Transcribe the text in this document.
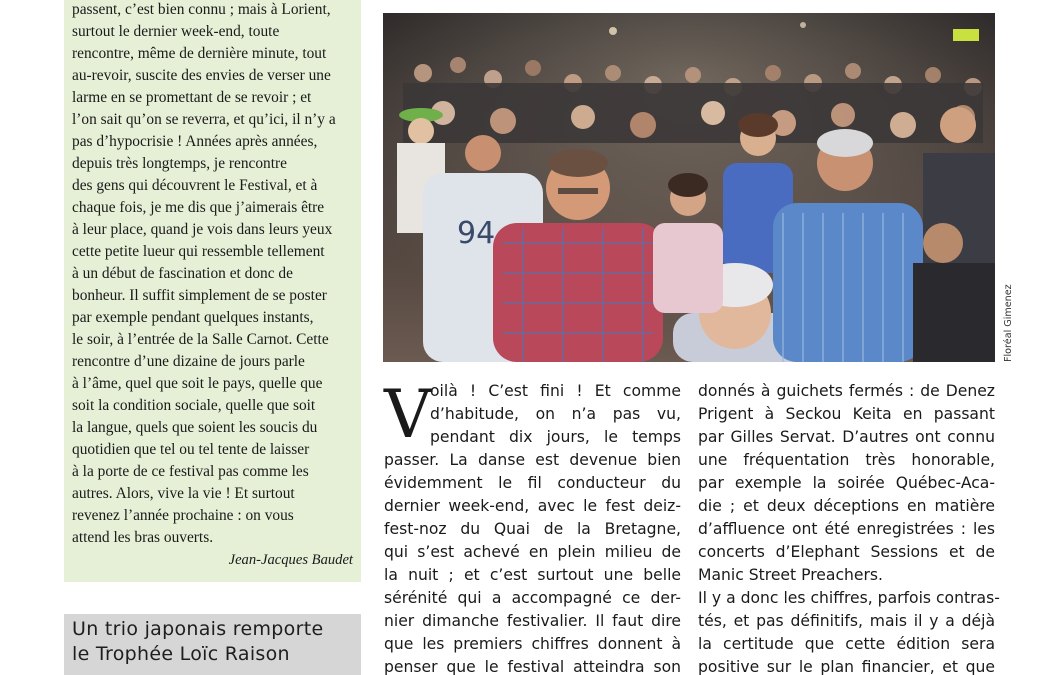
passent, c’est bien connu ; mais à Lorient,
surtout le dernier week-end, toute
rencontre, même de dernière minute, tout
au-revoir, suscite des envies de verser une
larme en se promettant de se revoir ; et
l’on sait qu’on se reverra, et qu’ici, il n’y a
pas d’hypocrisie ! Années après années,
depuis très longtemps, je rencontre
des gens qui découvrent le Festival, et à
chaque fois, je me dis que j’aimerais être
à leur place, quand je vois dans leurs yeux
cette petite lueur qui ressemble tellement
à un début de fascination et donc de
bonheur. Il suffit simplement de se poster
par exemple pendant quelques instants,
le soir, à l’entrée de la Salle Carnot. Cette
rencontre d’une dizaine de jours parle
à l’âme, quel que soit le pays, quelle que
soit la condition sociale, quelle que soit
la langue, quels que soient les soucis du
quotidien que tel ou tel tente de laisser
à la porte de ce festival pas comme les
autres. Alors, vive la vie ! Et surtout
revenez l’année prochaine : on vous
attend les bras ouverts.

Jean-Jacques Baudet

Un trio japonais remporte
le Trophée Loïc Raison
94
Floréal Gimenez
V
oilà ! C’est fini ! Et comme
d’habitude, on n’a pas vu,
pendant dix jours, le temps
passer. La danse est devenue bien
évidemment le fil conducteur du
dernier week-end, avec le fest deiz-
fest-noz du Quai de la Bretagne,
qui s’est achevé en plein milieu de
la nuit ; et c’est surtout une belle
sérénité qui a accompagné ce der-
nier dimanche festivalier. Il faut dire
que les premiers chiffres donnent à
penser que le festival atteindra son
donnés à guichets fermés : de Denez
Prigent à Seckou Keita en passant
par Gilles Servat. D’autres ont connu
une fréquentation très honorable,
par exemple la soirée Québec-Aca-
die ; et deux déceptions en matière
d’affluence ont été enregistrées : les
concerts d’Elephant Sessions et de
Manic Street Preachers.
Il y a donc les chiffres, parfois contras-
tés, et pas définitifs, mais il y a déjà
la certitude que cette édition sera
positive sur le plan financier, et que
